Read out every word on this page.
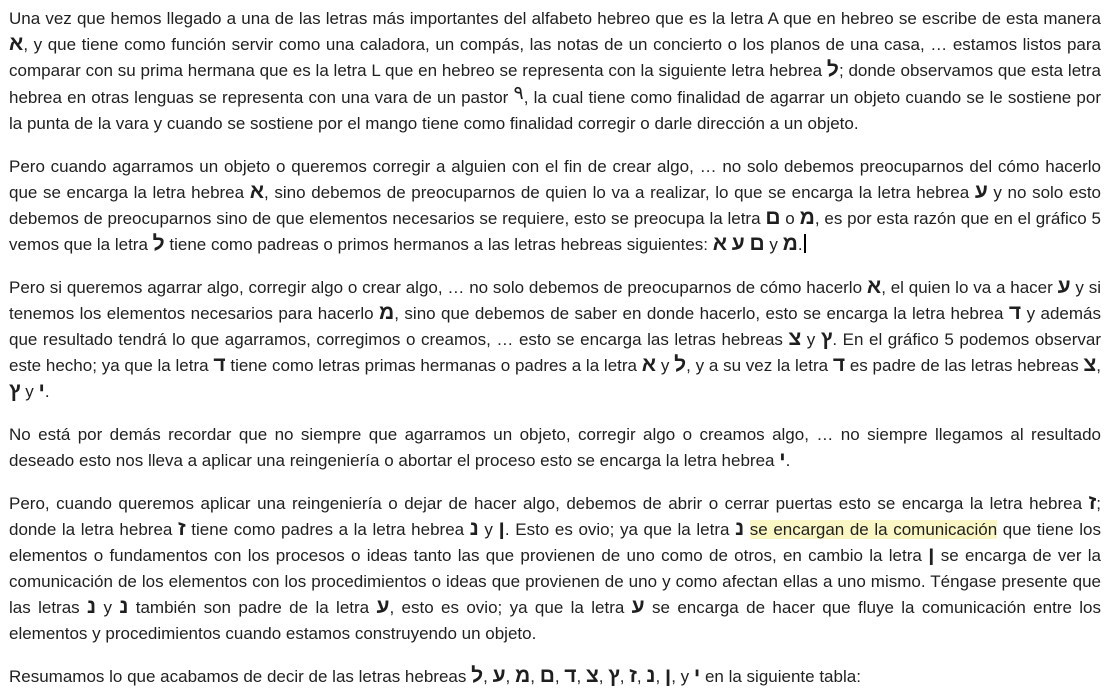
Una vez que hemos llegado a una de las letras más importantes del alfabeto hebreo que es la letra A que en hebreo se escribe de esta manera א, y que tiene como función servir como una caladora, un compás, las notas de un concierto o los planos de una casa, … estamos listos para comparar con su prima hermana que es la letra L que en hebreo se representa con la siguiente letra hebrea ל; donde observamos que esta letra hebrea en otras lenguas se representa con una vara de un pastor ٩, la cual tiene como finalidad de agarrar un objeto cuando se le sostiene por la punta de la vara y cuando se sostiene por el mango tiene como finalidad corregir o darle dirección a un objeto.

Pero cuando agarramos un objeto o queremos corregir a alguien con el fin de crear algo, … no solo debemos preocuparnos del cómo hacerlo que se encarga la letra hebrea א, sino debemos de preocuparnos de quien lo va a realizar, lo que se encarga la letra hebrea ע y no solo esto debemos de preocuparnos sino de que elementos necesarios se requiere, esto se preocupa la letra ם o מ, es por esta razón que en el gráfico 5 vemos que la letra ל tiene como padreas o primos hermanos a las letras hebreas siguientes: א ע ם y מ.

Pero si queremos agarrar algo, corregir algo o crear algo, … no solo debemos de preocuparnos de cómo hacerlo א, el quien lo va a hacer ע y si tenemos los elementos necesarios para hacerlo מ, sino que debemos de saber en donde hacerlo, esto se encarga la letra hebrea ד y además que resultado tendrá lo que agarramos, corregimos o creamos, … esto se encarga las letras hebreas צ y ץ. En el gráfico 5 podemos observar este hecho; ya que la letra ד tiene como letras primas hermanas o padres a la letra א y ל, y a su vez la letra ד es padre de las letras hebreas צ, ץ y י.

No está por demás recordar que no siempre que agarramos un objeto, corregir algo o creamos algo, … no siempre llegamos al resultado deseado esto nos lleva a aplicar una reingeniería o abortar el proceso esto se encarga la letra hebrea י.

Pero, cuando queremos aplicar una reingeniería o dejar de hacer algo, debemos de abrir o cerrar puertas esto se encarga la letra hebrea ז; donde la letra hebrea ז tiene como padres a la letra hebrea נ y ן. Esto es ovio; ya que la letra נ se encargan de la comunicación que tiene los elementos o fundamentos con los procesos o ideas tanto las que provienen de uno como de otros, en cambio la letra ן se encarga de ver la comunicación de los elementos con los procedimientos o ideas que provienen de uno y como afectan ellas a uno mismo. Téngase presente que las letras נ y נ también son padre de la letra ע, esto es ovio; ya que la letra ע se encarga de hacer que fluye la comunicación entre los elementos y procedimientos cuando estamos construyendo un objeto.

Resumamos lo que acabamos de decir de las letras hebreas ל, ע, מ, ם, ד, צ, ץ, ז, נ, ן, y י en la siguiente tabla:
